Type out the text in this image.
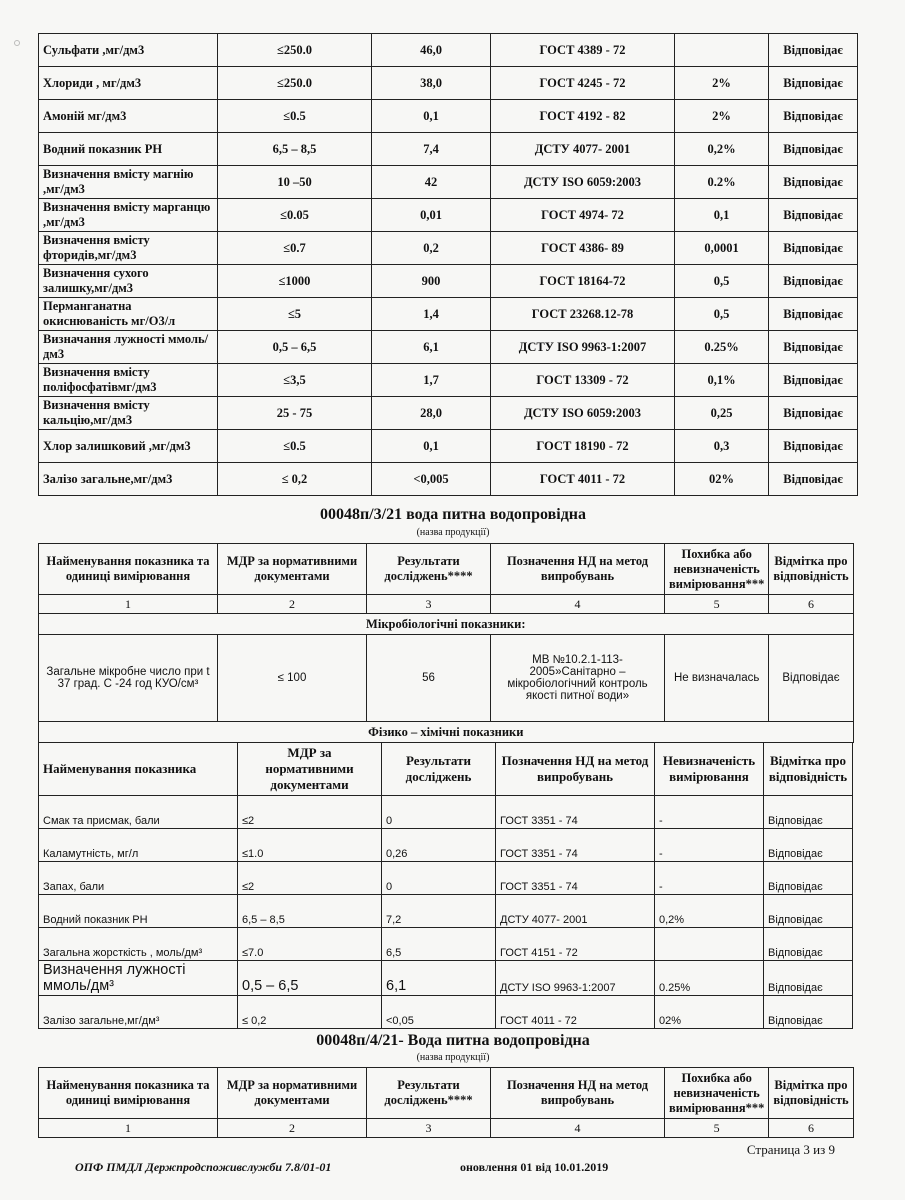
Сульфати ,мг/дм3	≤250.0	46,0	ГОСТ 4389 - 72		Відповідає
Хлориди , мг/дм3	≤250.0	38,0	ГОСТ 4245 - 72	2%	Відповідає
Амоній мг/дм3	≤0.5	0,1	ГОСТ 4192 - 82	2%	Відповідає
Водний показник РН	6,5 – 8,5	7,4	ДСТУ 4077- 2001	0,2%	Відповідає
Визначення вмісту магнію ,мг/дм3	10 –50	42	ДСТУ ISO 6059:2003	0.2%	Відповідає
Визначення вмісту марганцю ,мг/дм3	≤0.05	0,01	ГОСТ 4974- 72	0,1	Відповідає
Визначення вмісту фторидів,мг/дм3	≤0.7	0,2	ГОСТ 4386- 89	0,0001	Відповідає
Визначення сухого залишку,мг/дм3	≤1000	900	ГОСТ 18164-72	0,5	Відповідає
Перманганатна окиснюваність мг/О3/л	≤5	1,4	ГОСТ 23268.12-78	0,5	Відповідає
Визначання лужності ммоль/дм3	0,5 – 6,5	6,1	ДСТУ ISO 9963-1:2007	0.25%	Відповідає
Визначення вмісту поліфосфатівмг/дм3	≤3,5	1,7	ГОСТ 13309 - 72	0,1%	Відповідає
Визначення вмісту кальцію,мг/дм3	25 - 75	28,0	ДСТУ ISO 6059:2003	0,25	Відповідає
Хлор залишковий ,мг/дм3	≤0.5	0,1	ГОСТ 18190 - 72	0,3	Відповідає
Залізо загальне,мг/дм3	≤ 0,2	<0,005	ГОСТ 4011 - 72	02%	Відповідає
00048п/3/21 вода питна водопровідна
(назва продукції)
Найменування показника та одиниці вимірювання	МДР за нормативними документами	Результати досліджень****	Позначення НД на метод випробувань	Похибка або невизначеність вимірювання***	Відмітка про відповідність
1	2	3	4	5	6
Мікробіологічні показники:					
Загальне мікробне число при t 37 град. С -24 год КУО/см³	≤ 100	56	МВ №10.2.1-113-2005»Санітарно – мікробіологічний контроль якості питної води»	Не визначалась	Відповідає
Фізико – хімічні показники					
Найменування показника	МДР за нормативними документами	Результати досліджень	Позначення НД на метод випробувань	Невизначеність вимірювання	Відмітка про відповідність
Смак та присмак, бали	≤2	0	ГОСТ 3351 - 74	-	Відповідає
Каламутність, мг/л	≤1.0	0,26	ГОСТ 3351 - 74	-	Відповідає
Запах, бали	≤2	0	ГОСТ 3351 - 74	-	Відповідає
Водний показник РН	6,5 – 8,5	7,2	ДСТУ 4077- 2001	0,2%	Відповідає
Загальна жорсткість , моль/дм³	≤7.0	6,5	ГОСТ 4151 - 72		Відповідає
Визначення лужності ммоль/дм³	0,5 – 6,5	6,1	ДСТУ ISO 9963-1:2007	0.25%	Відповідає
Залізо загальне,мг/дм³	≤ 0,2	<0,05	ГОСТ 4011 - 72	02%	Відповідає
00048п/4/21- Вода питна водопровідна
(назва продукції)
Найменування показника та одиниці вимірювання	МДР за нормативними документами	Результати досліджень****	Позначення НД на метод випробувань	Похибка або невизначеність вимірювання***	Відмітка про відповідність
1	2	3	4	5	6
Страница 3 из 9
ОПФ ПМДЛ Держпродспоживслужби 7.8/01-01	оновлення 01 від 10.01.2019
